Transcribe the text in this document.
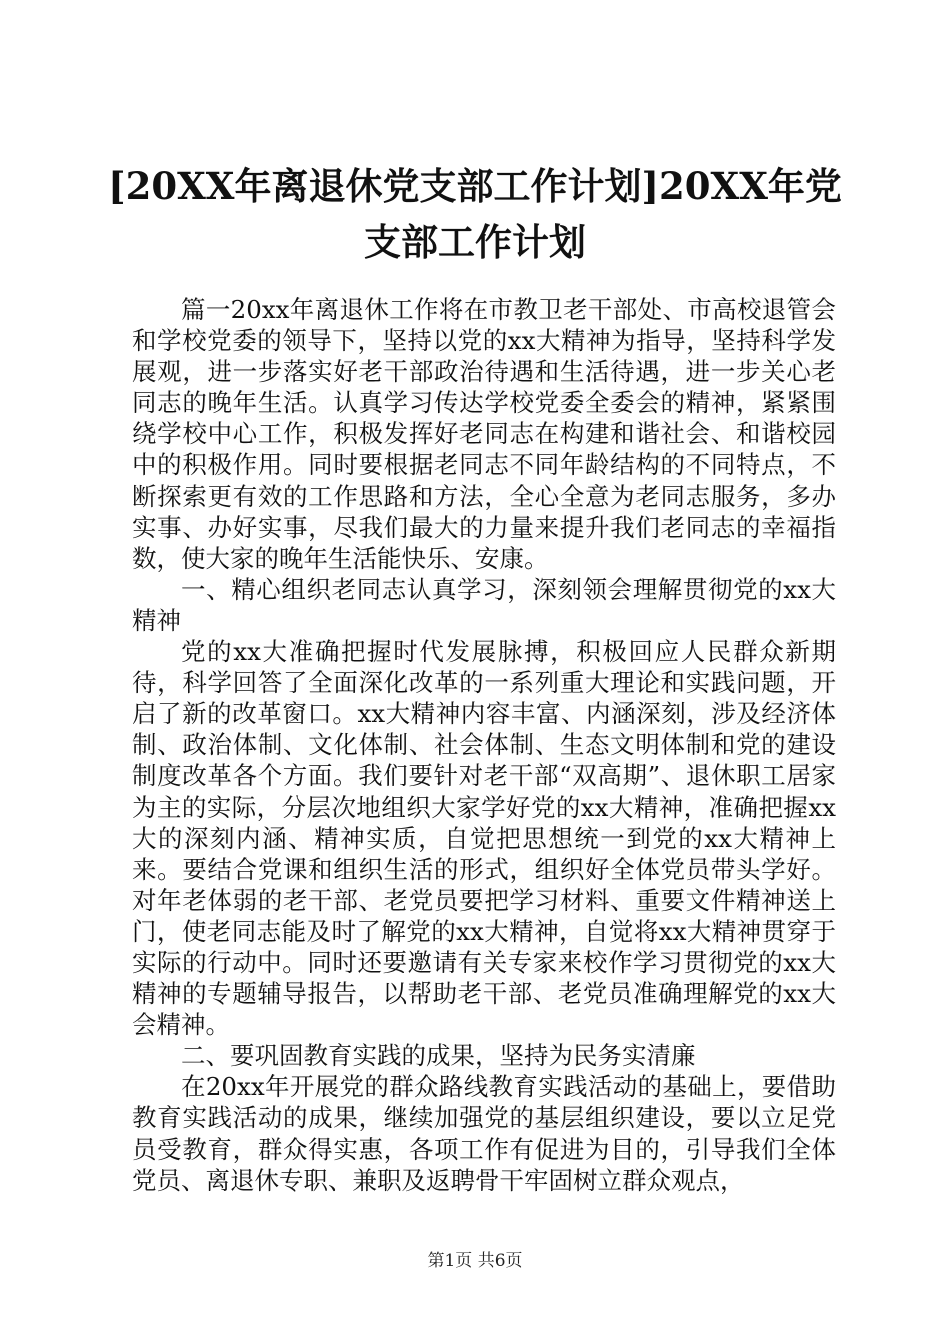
[20XX年离退休党支部工作计划]20XX年党支部工作计划

篇一20xx年离退休工作将在市教卫老干部处、市高校退管会和学校党委的领导下，坚持以党的xx大精神为指导，坚持科学发展观，进一步落实好老干部政治待遇和生活待遇，进一步关心老同志的晚年生活。认真学习传达学校党委全委会的精神，紧紧围绕学校中心工作，积极发挥好老同志在构建和谐社会、和谐校园中的积极作用。同时要根据老同志不同年龄结构的不同特点，不断探索更有效的工作思路和方法，全心全意为老同志服务，多办实事、办好实事，尽我们最大的力量来提升我们老同志的幸福指数，使大家的晚年生活能快乐、安康。

一、精心组织老同志认真学习，深刻领会理解贯彻党的xx大精神

党的xx大准确把握时代发展脉搏，积极回应人民群众新期待，科学回答了全面深化改革的一系列重大理论和实践问题，开启了新的改革窗口。xx大精神内容丰富、内涵深刻，涉及经济体制、政治体制、文化体制、社会体制、生态文明体制和党的建设制度改革各个方面。我们要针对老干部“双高期”、退休职工居家为主的实际，分层次地组织大家学好党的xx大精神，准确把握xx大的深刻内涵、精神实质，自觉把思想统一到党的xx大精神上来。要结合党课和组织生活的形式，组织好全体党员带头学好。对年老体弱的老干部、老党员要把学习材料、重要文件精神送上门，使老同志能及时了解党的xx大精神，自觉将xx大精神贯穿于实际的行动中。同时还要邀请有关专家来校作学习贯彻党的xx大精神的专题辅导报告，以帮助老干部、老党员准确理解党的xx大会精神。

二、要巩固教育实践的成果，坚持为民务实清廉

在20xx年开展党的群众路线教育实践活动的基础上，要借助教育实践活动的成果，继续加强党的基层组织建设，要以立足党员受教育，群众得实惠，各项工作有促进为目的，引导我们全体党员、离退休专职、兼职及返聘骨干牢固树立群众观点，

第1页 共6页
